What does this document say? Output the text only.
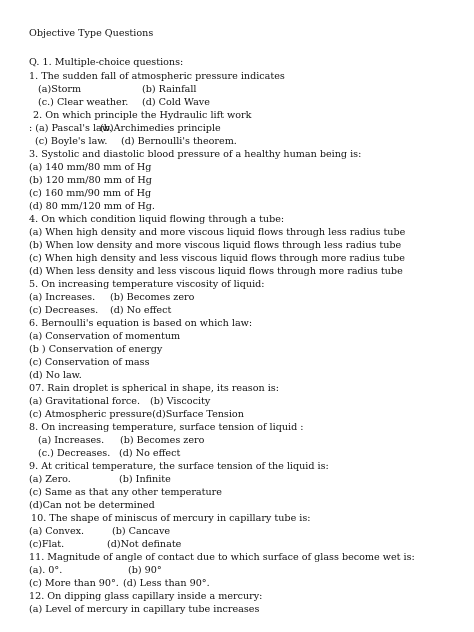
Objective Type Questions
Q. 1. Multiple-choice questions:
1. The sudden fall of atmospheric pressure indicates
(a)Storm	(b) Rainfall
(c.) Clear weather. (d) Cold Wave
2. On which principle the Hydraulic lift work
: (a) Pascal's law.
(b)Archimedies principle
(c) Boyle's law. (d) Bernoulli's theorem.
3. Systolic and diastolic blood pressure of a healthy human being is:
(a) 140 mm/80 mm of Hg
(b) 120 mm/80 mm of Hg
(c) 160 mm/90 mm of Hg
(d) 80 mm/120 mm of Hg.
4. On which condition liquid flowing through a tube:
(a) When high density and more viscous liquid flows through less radius tube
(b) When low density and more viscous liquid flows through less radius tube
(c) When high density and less viscous liquid flows through more radius tube
(d) When less density and less viscous liquid flows through more radius tube
5. On increasing temperature viscosity of liquid:
(a) Increases. (b) Becomes zero
(c) Decreases. (d) No effect
6. Bernoulli's equation is based on which law:
(a) Conservation of momentum
(b ) Conservation of energy
(c) Conservation of mass
(d) No law.
07. Rain droplet is spherical in shape, its reason is:
(a) Gravitational force. (b) Viscocity
(c) Atmospheric pressure(d)Surface Tension
8. On increasing temperature, surface tension of liquid :
(a) Increases. (b) Becomes zero
(c.) Decreases. (d) No effect
9. At critical temperature, the surface tension of the liquid is:
(a) Zero.	(b) Infinite
(c) Same as that any other temperature
(d)Can not be determined
10. The shape of miniscus of mercury in capillary tube is:
(a) Convex.	(b) Cancave
(c)Flat.	(d)Not definate
11. Magnitude of angle of contact due to which surface of glass become wet is:
(a). 0°.	(b) 90°
(c) More than 90°. (d) Less than 90°.
12. On dipping glass capillary inside a mercury:
(a) Level of mercury in capillary tube increases
